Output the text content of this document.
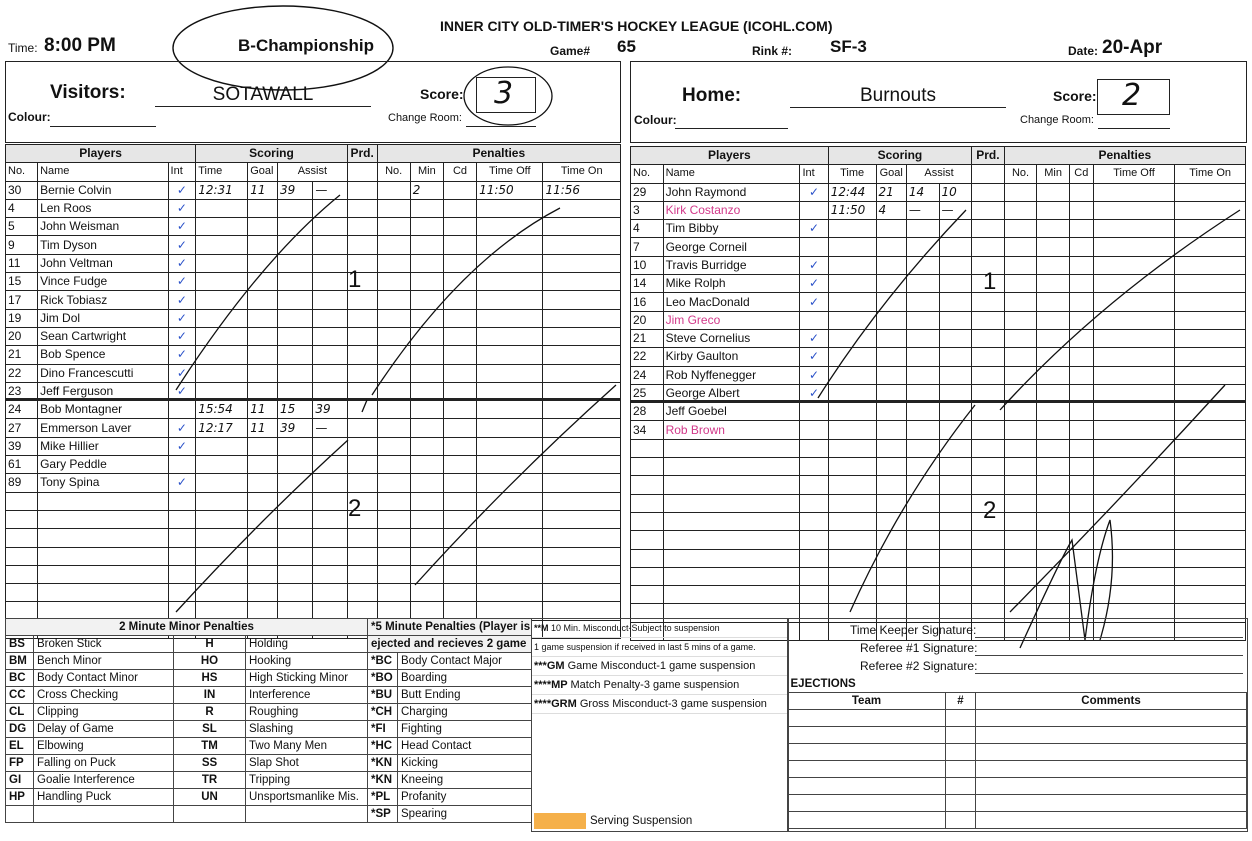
Time: 8:00 PM	B-Championship
INNER CITY OLD-TIMER'S HOCKEY LEAGUE (ICOHL.COM)
Game# 65	Rink #: SF-3	Date: 20-Apr
Visitors:	SOTAWALL
Colour:
Score: 3
Change Room:
Home:	Burnouts
Colour:
Score: 2
Change Room:
Players			Scoring				Prd.	Penalties				
No.	Name	Int	Time	Goal	Assist			No.	Min	Cd	Time Off	Time On
30	Bernie Colvin	✓	12:31	11	39	—			2		11:50	11:56
4	Len Roos	✓										
5	John Weisman	✓										
9	Tim Dyson	✓										
11	John Veltman	✓										
15	Vince Fudge	✓										
17	Rick Tobiasz	✓										
19	Jim Dol	✓										
20	Sean Cartwright	✓										
21	Bob Spence	✓										
22	Dino Francescutti	✓										
23	Jeff Ferguson	✓										
24	Bob Montagner		15:54	11	15	39						
27	Emmerson Laver	✓	12:17	11	39	—						
39	Mike Hillier	✓										
61	Gary Peddle											
89	Tony Spina	✓										

Players			Scoring				Prd.	Penalties				
No.	Name	Int	Time	Goal	Assist			No.	Min	Cd	Time Off	Time On
29	John Raymond	✓	12:44	21	14	10						
3	Kirk Costanzo		11:50	4	—	—						
4	Tim Bibby	✓										
7	George Corneil											
10	Travis Burridge	✓										
14	Mike Rolph	✓										
16	Leo MacDonald	✓										
20	Jim Greco											
21	Steve Cornelius	✓										
22	Kirby Gaulton	✓										
24	Rob Nyffenegger	✓										
25	George Albert	✓										
28	Jeff Goebel											
34	Rob Brown											

1
2
1
2
2 Minute Minor Penalties			
BS	Broken Stick	H	Holding
BM	Bench Minor	HO	Hooking
BC	Body Contact Minor	HS	High Sticking Minor
CC	Cross Checking	IN	Interference
CL	Clipping	R	Roughing
DG	Delay of Game	SL	Slashing
EL	Elbowing	TM	Two Many Men
FP	Falling on Puck	SS	Slap Shot
GI	Goalie Interference	TR	Tripping
HP	Handling Puck	UN	Unsportsmanlike Mis.

*5 Minute Penalties (Player is	
ejected and recieves 2 game	
*BC	Body Contact Major
*BO	Boarding
*BU	Butt Ending
*CH	Charging
*FI	Fighting
*HC	Head Contact
*KN	Kicking
*KN	Kneeing
*PL	Profanity
*SP	Spearing
**M 10 Min. Misconduct-Subject to suspension
1 game suspension if received in last 5 mins of a game.
***GM Game Misconduct-1 game suspension
****MP Match Penalty-3 game suspension
****GRM Gross Misconduct-3 game suspension
Serving Suspension
Time Keeper Signature:
Referee #1 Signature:
Referee #2 Signature:
EJECTIONS		
Team	#	Comments
